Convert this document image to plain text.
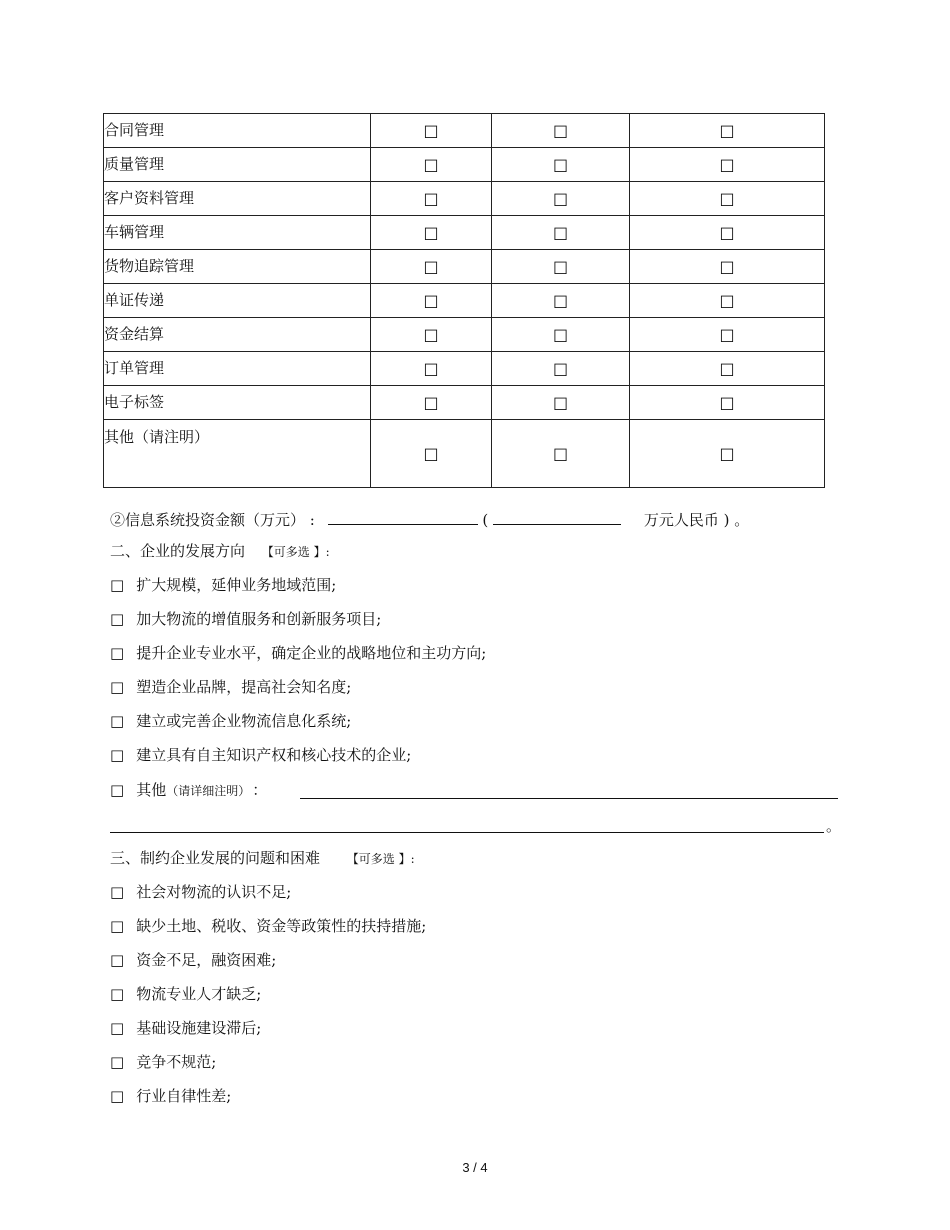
合同管理	□	□	□
质量管理	□	□	□
客户资料管理	□	□	□
车辆管理	□	□	□
货物追踪管理	□	□	□
单证传递	□	□	□
资金结算	□	□	□
订单管理	□	□	□
电子标签	□	□	□
其他（请注明）	□	□	□
②信息系统投资金额（万元） :	(	万元人民币 ) 。
二、企业的发展方向 【可多选 】:
□ 扩大规模，延伸业务地域范围;
□ 加大物流的增值服务和创新服务项目;
□ 提升企业专业水平，确定企业的战略地位和主功方向;
□ 塑造企业品牌，提高社会知名度;
□ 建立或完善企业物流信息化系统;
□ 建立具有自主知识产权和核心技术的企业;
□ 其他（请详细注明） ：
。
三、制约企业发展的问题和困难 【可多选 】:
□ 社会对物流的认识不足;
□ 缺少土地、税收、资金等政策性的扶持措施;
□ 资金不足，融资困难;
□ 物流专业人才缺乏;
□ 基础设施建设滞后;
□ 竞争不规范;
□ 行业自律性差;
3 / 4
